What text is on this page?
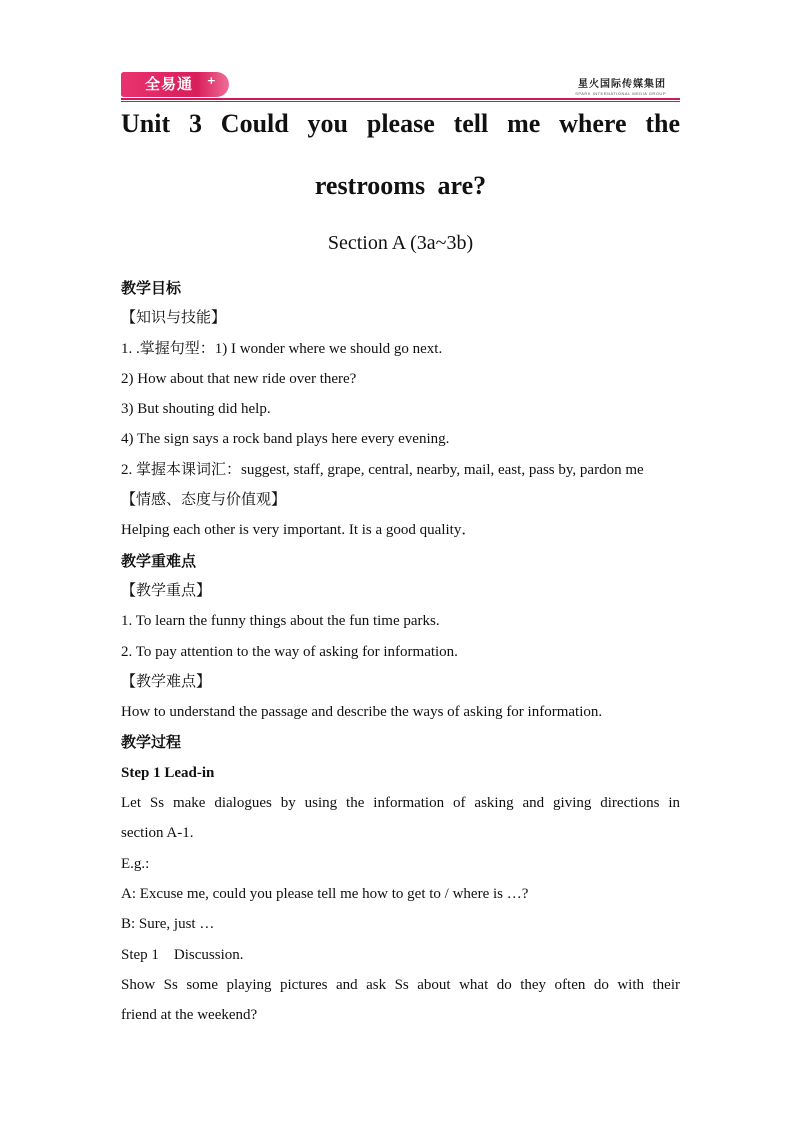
全易通 +	星火国际传媒集团
SPARK INTERNATIONAL MEDIA GROUP
Unit 3 Could you please tell me where the
restrooms are?
Section A (3a~3b)
教学目标
【知识与技能】
1. .掌握句型：1) I wonder where we should go next.
2) How about that new ride over there?
3) But shouting did help.
4) The sign says a rock band plays here every evening.
2. 掌握本课词汇：suggest, staff, grape, central, nearby, mail, east, pass by, pardon me
【情感、态度与价值观】
Helping each other is very important. It is a good quality．
教学重难点
【教学重点】
1. To learn the funny things about the fun time parks.
2. To pay attention to the way of asking for information.
【教学难点】
How to understand the passage and describe the ways of asking for information.
教学过程
Step 1 Lead-in
Let Ss make dialogues by using the information of asking and giving directions in
section A-1.
E.g.:
A: Excuse me, could you please tell me how to get to / where is …?
B: Sure, just …
Step 1    Discussion.
Show Ss some playing pictures and ask Ss about what do they often do with their
friend at the weekend?
